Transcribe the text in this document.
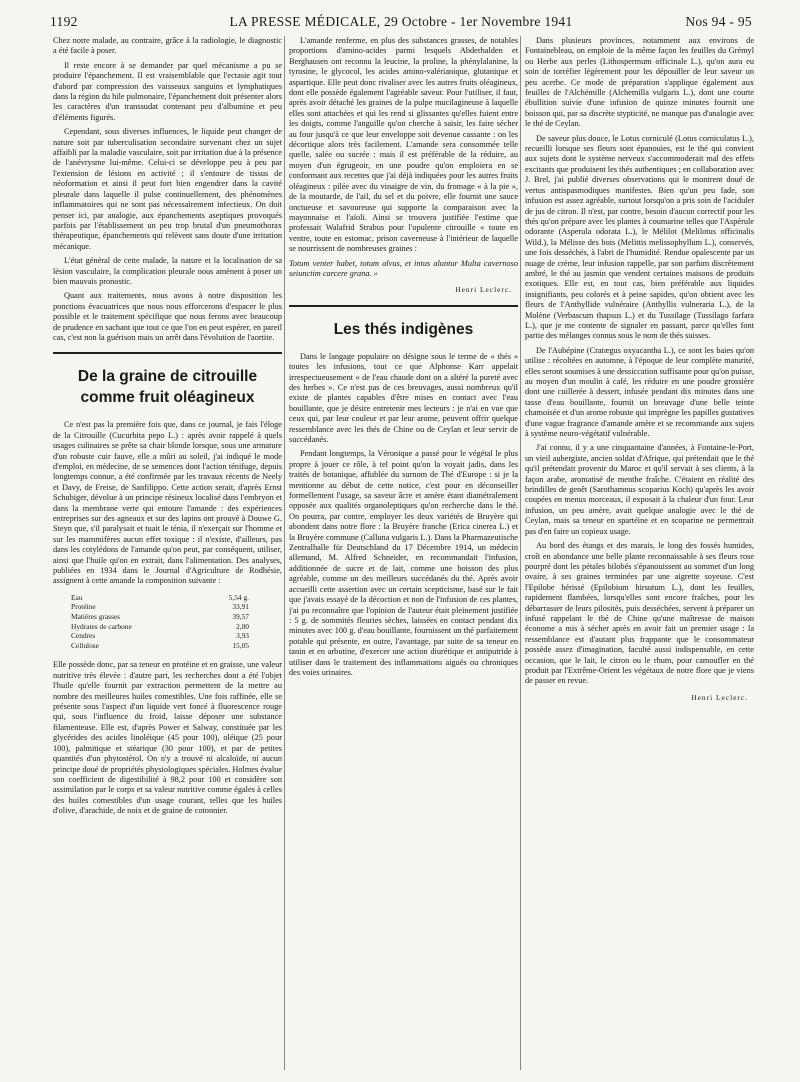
1192	LA PRESSE MÉDICALE, 29 Octobre - 1er Novembre 1941	Nos 94 - 95

Chez notre malade, au contraire, grâce à la radiologie, le diagnostic a été facile à poser.

Il reste encore à se demander par quel mécanisme a pu se produire l'épanchement. Il est vraisemblable que l'ectasie agit tout d'abord par compression des vaisseaux sanguins et lymphatiques dans la région du hile pulmonaire, l'épanchement doit présenter alors les caractères d'un transsudat contenant peu d'albumine et peu d'éléments figurés.

Cependant, sous diverses influences, le liquide peut changer de nature soit par tuberculisation secondaire survenant chez un sujet affaibli par la maladie vasculaire, soit par irritation due à la présence de l'anévrysme lui-même. Celui-ci se développe peu à peu par l'extension de lésions en activité ; il s'entoure de tissus de néoformation et ainsi il peut fort bien engendrer dans la cavité pleurale dans laquelle il pulse continuellement, des phénomènes inflammatoires qui ne sont pas nécessairement infectieux. On doit penser ici, par analogie, aux épanchements aseptiques provoqués parfois par l'établissement un peu trop brutal d'un pneumothorax thérapeutique, épanchements qui relèvent sans doute d'une irritation mécanique.

L'état général de cette malade, la nature et la localisation de sa lésion vasculaire, la complication pleurale nous amènent à poser un bien mauvais pronostic.

Quant aux traitements, nous avons à notre disposition les ponctions évacuatrices que nous nous efforcerons d'espacer le plus possible et le traitement spécifique que nous ferons avec beaucoup de prudence en sachant que tout ce que l'on en peut espérer, en pareil cas, c'est non la guérison mais un arrêt dans l'évolution de l'aortite.

De la graine de citrouille comme fruit oléagineux

Ce n'est pas la première fois que, dans ce journal, je fais l'éloge de la Citrouille (Cucurbita pepo L.) : après avoir rappelé à quels usages culinaires se prête sa chair blonde lorsque, sous une armature d'un robuste cuir fauve, elle a mûri au soleil, j'ai indiqué le mode d'emploi, en médecine, de se semences dont l'action ténifuge, depuis longtemps connue, a été confirmée par les travaux récents de Neely et Davy, de Freise, de Sanfilippo. Cette action serait, d'après Ernst Schubiger, dévolue à un principe résineux localisé dans l'embryon et dans la membrane verte qui entoure l'amande : des expériences entreprises sur des agneaux et sur des lapins ont prouvé à Douwe G. Steyn que, s'il paralysait et tuait le ténia, il n'exerçait sur l'homme et sur les mammifères aucun effet toxique : il n'existe, d'ailleurs, pas dans les cotylédons de l'amande qu'on peut, par conséquent, utiliser, ainsi que l'huile qu'on en extrait, dans l'alimentation. Des analyses, publiées en 1934 dans le Journal d'Agriculture de Rodhésie, assignent à cette amande la composition suivante :

Eau	5,54 g.
Protéine	33,91
Matières grasses	39,57
Hydrates de carbone	2,00
Cendres	3,93
Cellulose	15,05

Elle possède donc, par sa teneur en protéine et en graisse, une valeur nutritive très élevée : d'autre part, les recherches dont a été l'objet l'huile qu'elle fournit par extraction permettent de la mettre au nombre des meilleures huiles comestibles. Une fois raffinée, elle se présente sous l'aspect d'un liquide vert foncé à fluorescence rouge qui, sous l'influence du froid, laisse déposer une substance filamenteuse. Elle est, d'après Power et Salway, constituée par les glycérides des acides linoléique (45 pour 100), oléique (25 pour 100), palmitique et stéarique (30 pour 100), et par de petites quantités d'un phytostérol. On n'y a trouvé ni alcaloïde, ni aucun principe doué de propriétés physiologiques spéciales. Holmes évalue son coefficient de digestibilité à 98,2 pour 100 et considère son assimilation par le corps et sa valeur nutritive comme égales à celles des huiles comestibles d'un usage courant, telles que les huiles d'olive, d'arachide, de noix et de graine de cotonnier.

L'amande renferme, en plus des substances grasses, de notables proportions d'amino-acides parmi lesquels Abderhalden et Berghausen ont reconnu la leucine, la proline, la phénylalanine, la tyrosine, le glycocol, les acides amino-valérianique, glutanique et aspartique. Elle peut donc rivaliser avec les autres fruits oléagineux, dont elle possède également l'agréable saveur. Pour l'utiliser, il faut, après avoir détaché les graines de la pulpe mucilagineuse à laquelle elles sont attachées et qui les rend si glissantes qu'elles fuient entre les doigts, comme l'anguille qu'on cherche à saisir, les faire sécher au four jusqu'à ce que leur enveloppe soit devenue cassante : on les décortique alors très facilement. L'amande sera consommée telle quelle, salée ou sucrée : mais il est préférable de la réduire, au moyen d'un égrugeoir, en une poudre qu'on emploiera en se conformant aux recettes que j'ai déjà indiquées pour les autres fruits oléagineux : pilée avec du vinaigre de vin, du fromage « à la pie », de la moutarde, de l'ail, du sel et du poivre, elle fournit une sauce onctueuse et savoureuse qui supporte la comparaison avec la mayonnaise et l'aïoli. Ainsi se trouvera justifiée l'estime que professait Walafrid Strabus pour l'opulente citrouille « toute en ventre, toute en estomac, prison caverneuse à l'intérieur de laquelle se nourrissent de nombreuses graines :

Totum venter habet, totum alvus, et intus aluntur Multa cavernoso seiunctim carcere grana. »

Henri Leclerc.

Les thés indigènes

Dans le langage populaire on désigne sous le terme de « thés » toutes les infusions, tout ce que Alphonse Karr appelait irrespectueusement « de l'eau chaude dont on a altéré la pureté avec des herbes ». Ce n'est pas de ces breuvages, aussi nombreux qu'il existe de plantes capables d'être mises en contact avec l'eau bouillante, que je désire entretenir mes lecteurs : je n'ai en vue que ceux qui, par leur couleur et par leur arome, peuvent offrir quelque ressemblance avec les thés de Chine ou de Ceylan et leur servir de succédanés.

Pendant longtemps, la Véronique a passé pour le végétal le plus propre à jouer ce rôle, à tel point qu'on la voyait jadis, dans les traités de botanique, affublée du surnom de Thé d'Europe : si je la mentionne au début de cette notice, c'est pour en déconseiller formellement l'usage, sa saveur âcre et amère étant diamétralement opposée aux qualités organoleptiques qu'on recherche dans le thé. On pourra, par contre, employer les deux variétés de Bruyère qui abondent dans notre flore : la Bruyère franche (Erica cinerea L.) et la Bruyère commune (Calluna vulgaris L.). Dans la Pharmazeutische Zentralhalle für Deutschland du 17 Décembre 1914, un médecin allemand, M. Alfred Schneider, en recommandait l'infusion, additionnée de sucre et de lait, comme une boisson des plus agréable, comme un des meilleurs succédanés du thé. Après avoir accueilli cette assertion avec un certain scepticisme, basé sur le fait que j'avais essayé de la décoction et non de l'infusion de ces plantes, j'ai pu reconnaître que l'opinion de l'auteur était pleinement justifiée : 5 g. de sommités fleuries sèches, laissées en contact pendant dix minutes avec 100 g. d'eau bouillante, fournissent un thé parfaitement potable qui présente, en outre, l'avantage, par suite de sa teneur en tanin et en arbutine, d'exercer une action diurétique et antiputride à utiliser dans le traitement des inflammations aiguës ou chroniques des voies urinaires.

Dans plusieurs provinces, notamment aux environs de Fontainebleau, on emploie de la même façon les feuilles du Grémyl ou Herbe aux perles (Lithospermum officinale L.), qu'on aura eu soin de torréfier légèrement pour les dépouiller de leur saveur un peu acerbe. Ce mode de préparation s'applique également aux feuilles de l'Alchémille (Alchemilla vulgaris L.), dont une courte ébullition suivie d'une infusion de quinze minutes fournit une boisson qui, par sa discrète stypticité, ne manque pas d'analogie avec le thé de Ceylan.

De saveur plus douce, le Lotus corniculé (Lotus corniculatus L.), recueilli lorsque ses fleurs sont épanouies, est le thé qui convient aux sujets dont le système nerveux s'accommoderait mal des effets excitants que produisent les thés authentiques ; en collaboration avec J. Brel, j'ai publié diverses observations qui le montrent doué de vertus antispasmodiques manifestes. Bien qu'un peu fade, son infusion est assez agréable, surtout lorsqu'on a pris soin de l'aciduler de jus de citron. Il n'est, par contre, besoin d'aucun correctif pour les thés qu'on prépare avec les plantes à coumarine telles que l'Aspérule odorante (Asperula odorata L.), le Mélilot (Melilotus officinalis Wild.), la Mélisse des bois (Melittis melissophyllum L.), conservés, une fois desséchés, à l'abri de l'humidité. Rendue opalescente par un nuage de crème, leur infusion rappelle, par son parfum discrètement ambré, le thé au jasmin que vendent certaines maisons de produits exotiques. Elle est, en tout cas, bien préférable aux liquides insignifiants, peu colorés et à peine sapides, qu'on obtient avec les fleurs de l'Anthyllide vulnéraire (Anthyllis vulneraria L.), de la Molène (Verbascum thapsus L.) et du Tussilage (Tussilago farfara L.), que je me contente de signaler en passant, parce qu'elles font partie des mélanges connus sous le nom de thés suisses.

De l'Aubépine (Cratægus oxyacantha L.), ce sont les baies qu'on utilise : récoltées en automne, à l'époque de leur complète maturité, elles seront soumises à une dessiccation suffisante pour qu'on puisse, au moyen d'un moulin à café, les réduire en une poudre grossière dont une cuillerée à dessert, infusée pendant dix minutes dans une tasse d'eau bouillante, fournit un breuvage d'une belle teinte chamoisée et d'un arome robuste qui imprègne les papilles gustatives d'une vague fragrance d'amande amère et se recommande aux sujets à système neuro-végétatif vulnérable.

J'ai connu, il y a une cinquantaine d'années, à Fontaine-le-Port, un vieil aubergiste, ancien soldat d'Afrique, qui prétendait que le thé qu'il prétendait provenir du Maroc et qu'il servait à ses clients, à la façon arabe, aromatisé de menthe fraîche. C'étaient en réalité des brindilles de genêt (Sarothamnus scoparius Koch) qu'après les avoir coupées en menus morceaux, il exposait à la chaleur d'un four. Leur infusion, un peu amère, avait quelque analogie avec le thé de Ceylan, mais sa teneur en spartéine et en scoparine ne permettrait pas d'en faire un copieux usage.

Au bord des étangs et des marais, le long des fossés humides, croît en abondance une belle plante reconnaissable à ses fleurs rose pourpré dont les pétales bilobés s'épanouissent au sommet d'un long ovaire, à ses graines terminées par une aigrette soyeuse. C'est l'Epilobe hérissé (Epilobium hirsutum L.), dont les feuilles, rapidement flambées, lorsqu'elles sont encore fraîches, pour les débarrasser de leurs pilosités, puis desséchées, servent à préparer un infusé rappelant le thé de Chine qu'une maîtresse de maison économe a mis à sécher après en avoir fait un premier usage : la ressemblance est d'autant plus frappante que le consommateur possède assez d'imagination, faculté aussi indispensable, en cette occasion, que le lait, le citron ou le rhum, pour camoufler en thé produit par l'Extrême-Orient les végétaux de notre flore que je viens de passer en revue.

Henri Leclerc.
